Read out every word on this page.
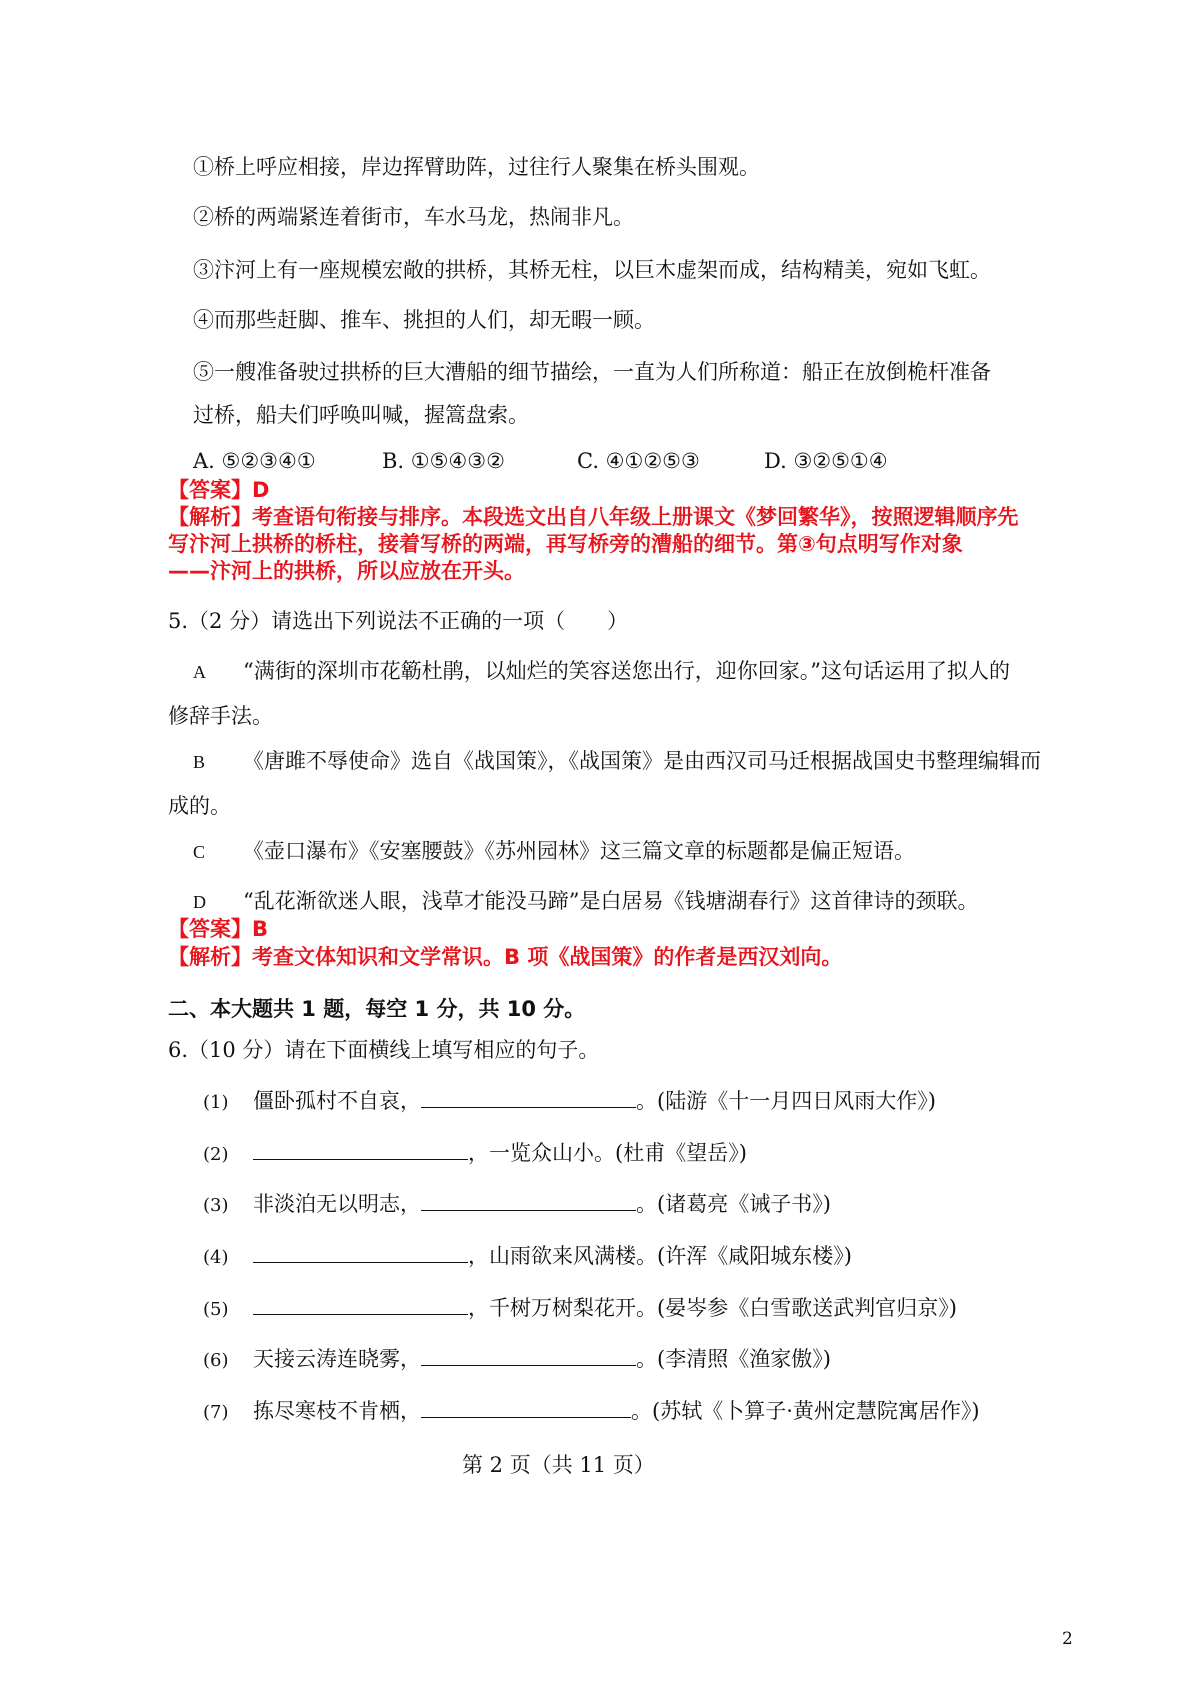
①桥上呼应相接，岸边挥臂助阵，过往行人聚集在桥头围观。
②桥的两端紧连着街市，车水马龙，热闹非凡。
③汴河上有一座规模宏敞的拱桥，其桥无柱，以巨木虚架而成，结构精美，宛如飞虹。
④而那些赶脚、推车、挑担的人们，却无暇一顾。
⑤一艘准备驶过拱桥的巨大漕船的细节描绘，一直为人们所称道：船正在放倒桅杆准备
过桥，船夫们呼唤叫喊，握篙盘索。
A. ⑤②③④①	B. ①⑤④③②	C. ④①②⑤③	D. ③②⑤①④
【答案】D
【解析】考查语句衔接与排序。本段选文出自八年级上册课文《梦回繁华》，按照逻辑顺序先
写汴河上拱桥的桥柱，接着写桥的两端，再写桥旁的漕船的细节。第③句点明写作对象
——汴河上的拱桥，所以应放在开头。
5.（2 分）请选出下列说法不正确的一项（　　）
A “满街的深圳市花簕杜鹃，以灿烂的笑容送您出行，迎你回家。”这句话运用了拟人的
修辞手法。
B 《唐雎不辱使命》选自《战国策》，《战国策》是由西汉司马迁根据战国史书整理编辑而
成的。
C 《壶口瀑布》《安塞腰鼓》《苏州园林》这三篇文章的标题都是偏正短语。
D “乱花渐欲迷人眼，浅草才能没马蹄”是白居易《钱塘湖春行》这首律诗的颈联。
【答案】B
【解析】考查文体知识和文学常识。B 项《战国策》的作者是西汉刘向。
二、本大题共 1 题，每空 1 分，共 10 分。
6.（10 分）请在下面横线上填写相应的句子。
(1) 僵卧孤村不自哀，	。(陆游《十一月四日风雨大作》)
(2)	，一览众山小。(杜甫《望岳》)
(3) 非淡泊无以明志，	。(诸葛亮《诫子书》)
(4)	，山雨欲来风满楼。(许浑《咸阳城东楼》)
(5)	，千树万树梨花开。(晏岑参《白雪歌送武判官归京》)
(6) 天接云涛连晓雾，	。(李清照《渔家傲》)
(7) 拣尽寒枝不肯栖，	。(苏轼《卜算子·黄州定慧院寓居作》)
第 2 页（共 11 页）
2
